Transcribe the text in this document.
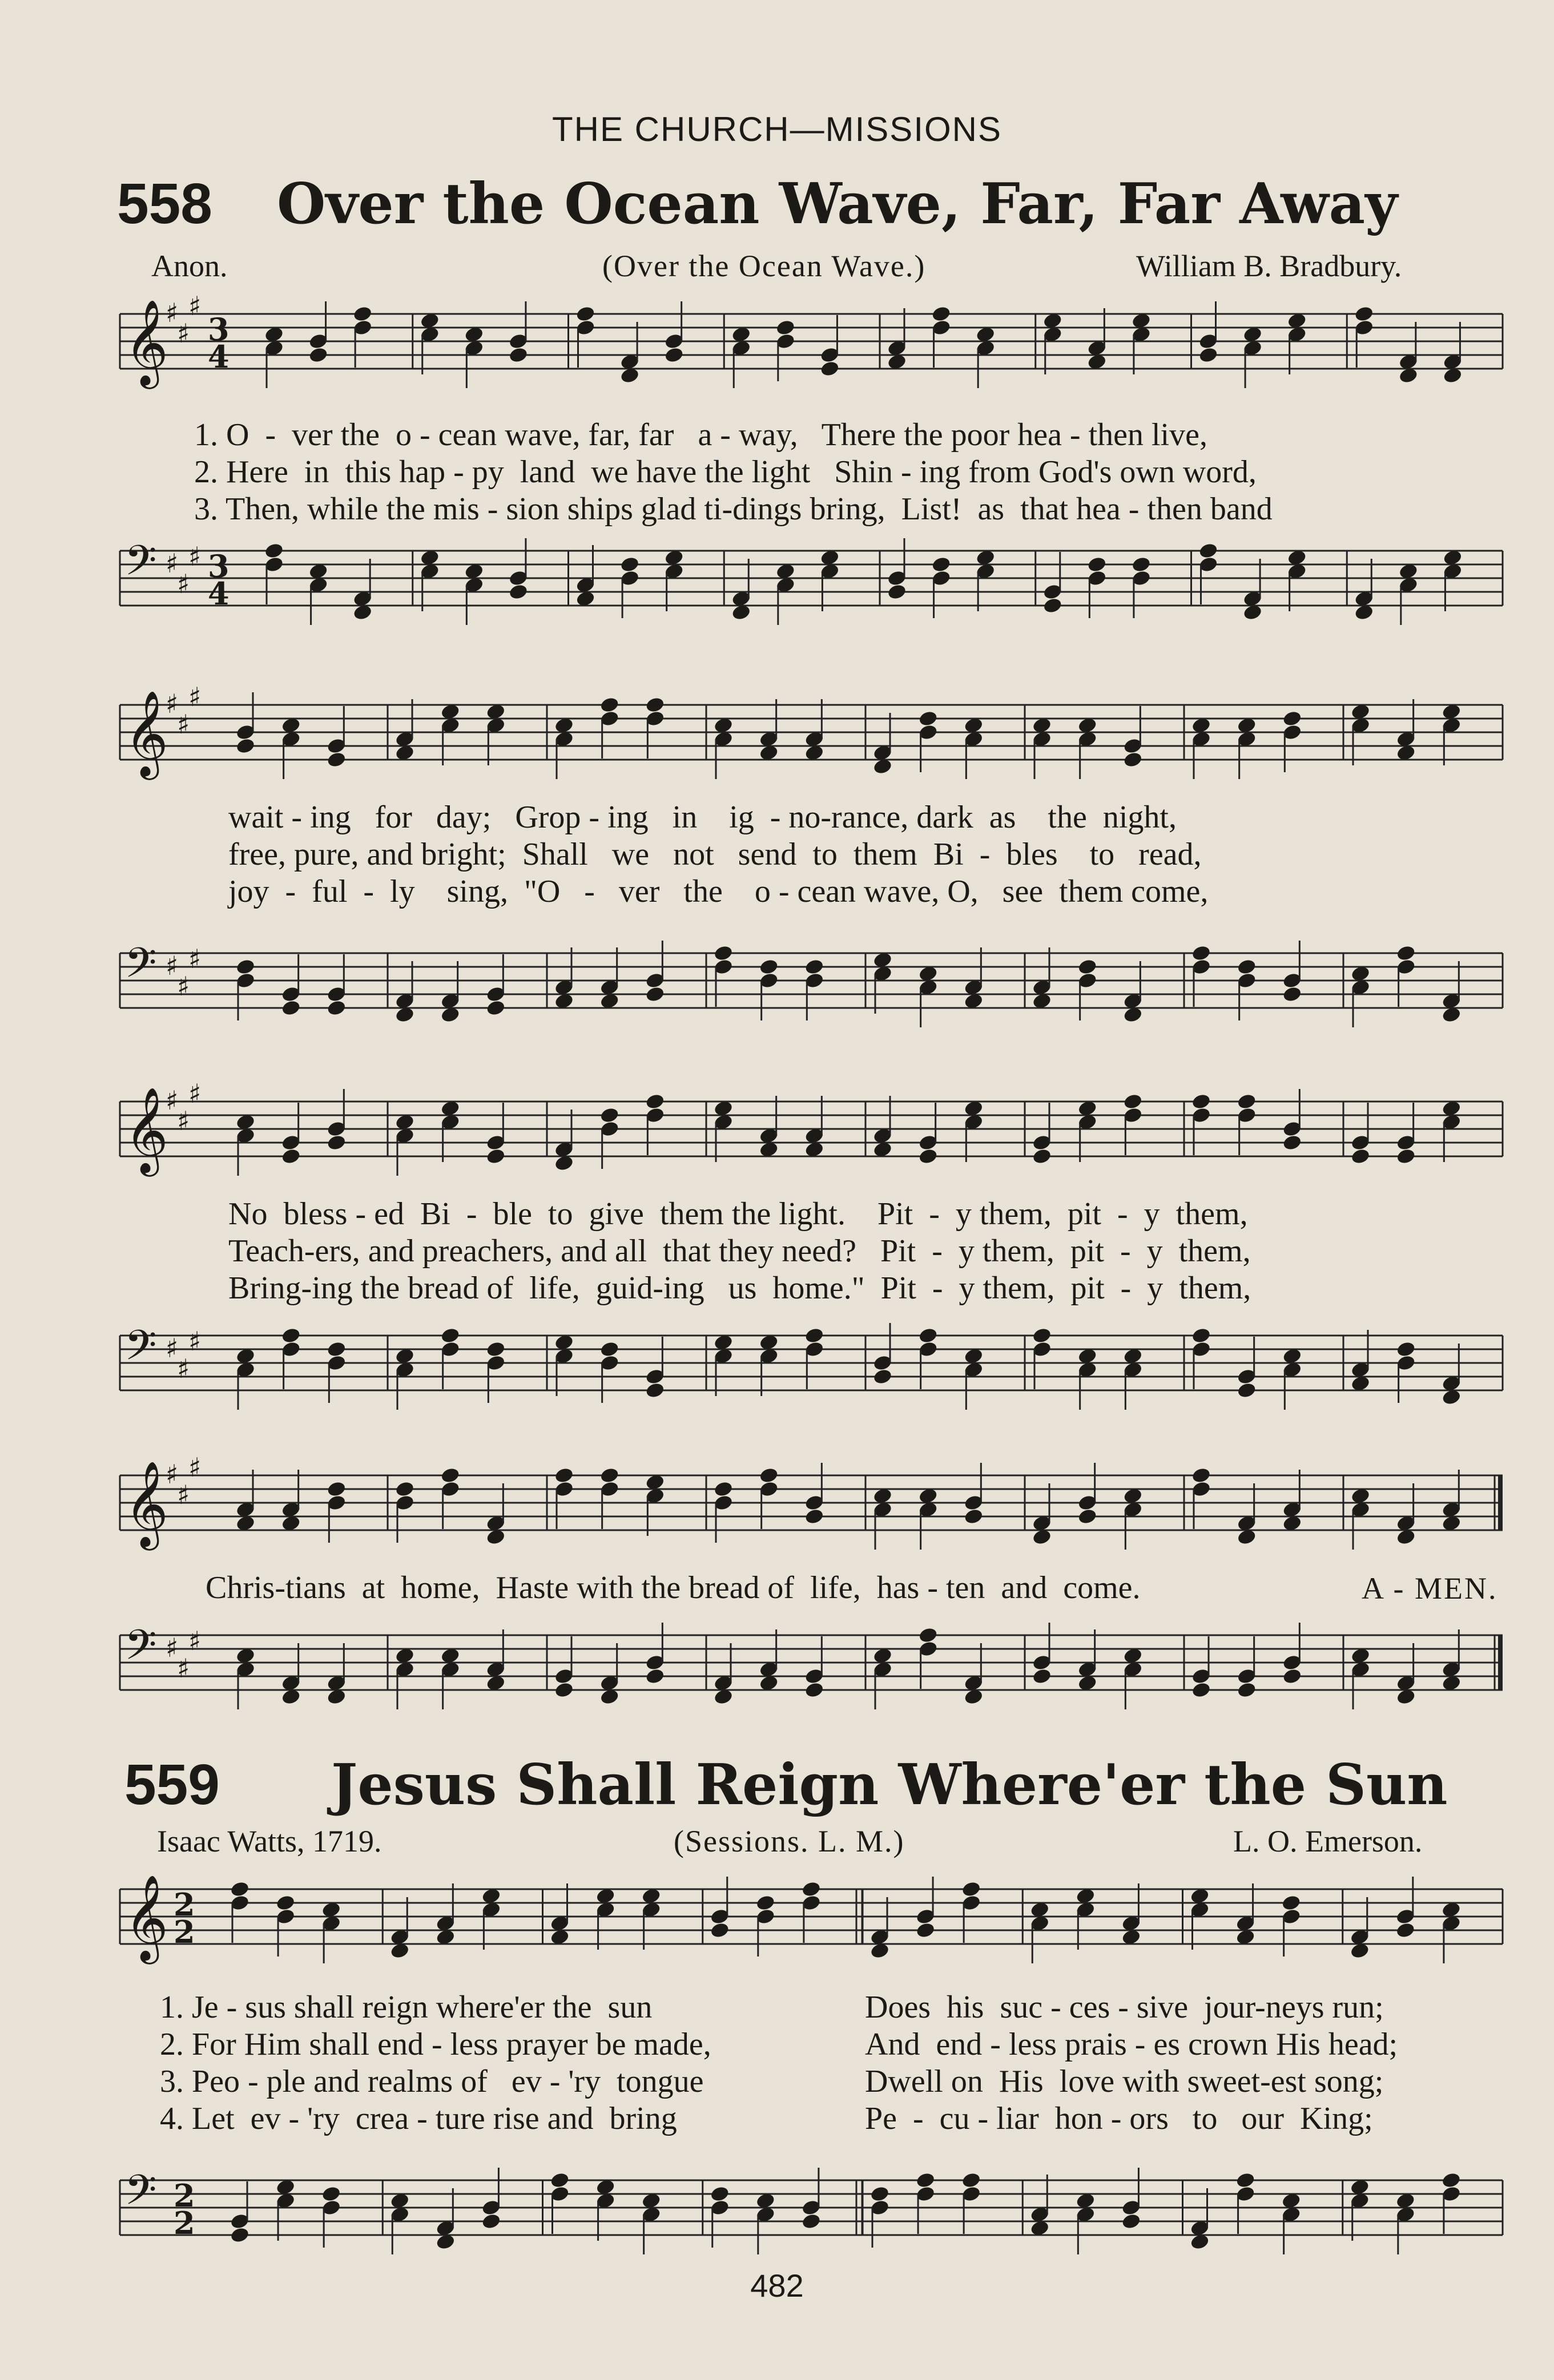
THE CHURCH—MISSIONS
558 Over the Ocean Wave, Far, Far Away
Anon.	(Over the Ocean Wave.)	William B. Bradbury.
𝄞
♯
♯
♯
3
4
1. O  -  ver the  o - cean wave, far, far   a - way,   There the poor hea - then live,
2. Here  in  this hap - py  land  we have the light   Shin - ing from God's own word,
3. Then, while the mis - sion ships glad ti-dings bring,  List!  as  that hea - then band
𝄢 ♯
♯
♯ 3
4
𝄞
♯
♯
♯
wait - ing   for   day;   Grop - ing   in    ig  - no-rance, dark  as    the  night,
free, pure, and bright;  Shall   we   not   send  to  them  Bi  -  bles    to   read,
joy  -  ful  -  ly    sing,  "O   -   ver   the    o - cean wave, O,   see  them come,
𝄢 ♯
♯
♯
𝄞
♯
♯
♯
No  bless - ed  Bi  -  ble  to  give  them the light.    Pit  -  y them,  pit  -  y  them,
Teach-ers, and preachers, and all  that they need?   Pit  -  y them,  pit  -  y  them,
Bring-ing the bread of  life,  guid-ing   us  home."  Pit  -  y them,  pit  -  y  them,
𝄢 ♯
♯
♯
𝄞
♯
♯
♯
Chris-tians  at  home,  Haste with the bread of  life,  has - ten  and  come.	A - MEN.
𝄢 ♯
♯
♯
559 Jesus Shall Reign Where'er the Sun
Isaac Watts, 1719.	(Sessions. L. M.)	L. O. Emerson.
𝄞 2
2
1. Je - sus shall reign where'er the  sun
2. For Him shall end - less prayer be made,
3. Peo - ple and realms of   ev - 'ry  tongue
4. Let  ev - 'ry  crea - ture rise and  bring
Does  his  suc - ces - sive  jour-neys run;
And  end - less prais - es crown His head;
Dwell on  His  love with sweet-est song;
Pe  -  cu - liar  hon - ors   to   our  King;
𝄢 2
2
482
